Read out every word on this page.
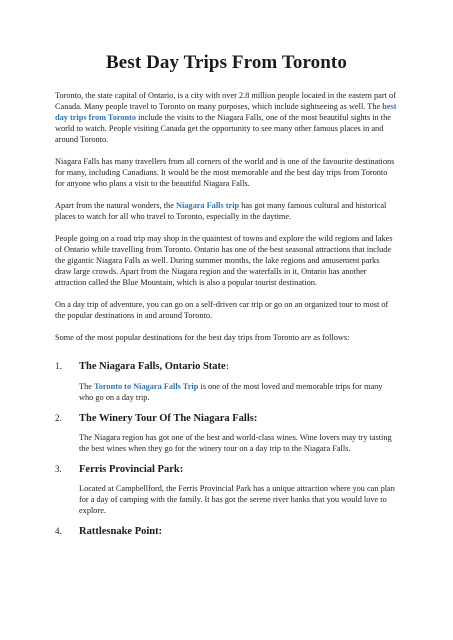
Best Day Trips From Toronto

Toronto, the state capital of Ontario, is a city with over 2.8 million people located in the eastern part of Canada. Many people travel to Toronto on many purposes, which include sightseeing as well. The best day trips from Toronto include the visits to the Niagara Falls, one of the most beautiful sights in the world to watch. People visiting Canada get the opportunity to see many other famous places in and around Toronto.

Niagara Falls has many travellers from all corners of the world and is one of the favourite destinations for many, including Canadians. It would be the most memorable and the best day trips from Toronto for anyone who plans a visit to the beautiful Niagara Falls.

Apart from the natural wonders, the Niagara Falls trip has got many famous cultural and historical places to watch for all who travel to Toronto, especially in the daytime.

People going on a road trip may shop in the quaintest of towns and explore the wild regions and lakes of Ontario while travelling from Toronto. Ontario has one of the best seasonal attractions that include the gigantic Niagara Falls as well. During summer months, the lake regions and amusement parks draw large crowds. Apart from the Niagara region and the waterfalls in it, Ontario has another attraction called the Blue Mountain, which is also a popular tourist destination.

On a day trip of adventure, you can go on a self-driven car trip or go on an organized tour to most of the popular destinations in and around Toronto.

Some of the most popular destinations for the best day trips from Toronto are as follows:

1.	The Niagara Falls, Ontario State:

The Toronto to Niagara Falls Trip is one of the most loved and memorable trips for many who go on a day trip.

2.	The Winery Tour Of The Niagara Falls:

The Niagara region has got one of the best and world-class wines. Wine lovers may try tasting the best wines when they go for the winery tour on a day trip to the Niagara Falls.

3.	Ferris Provincial Park:

Located at Campbellford, the Ferris Provincial Park has a unique attraction where you can plan for a day of camping with the family. It has got the serene river banks that you would love to explore.

4.	Rattlesnake Point:
